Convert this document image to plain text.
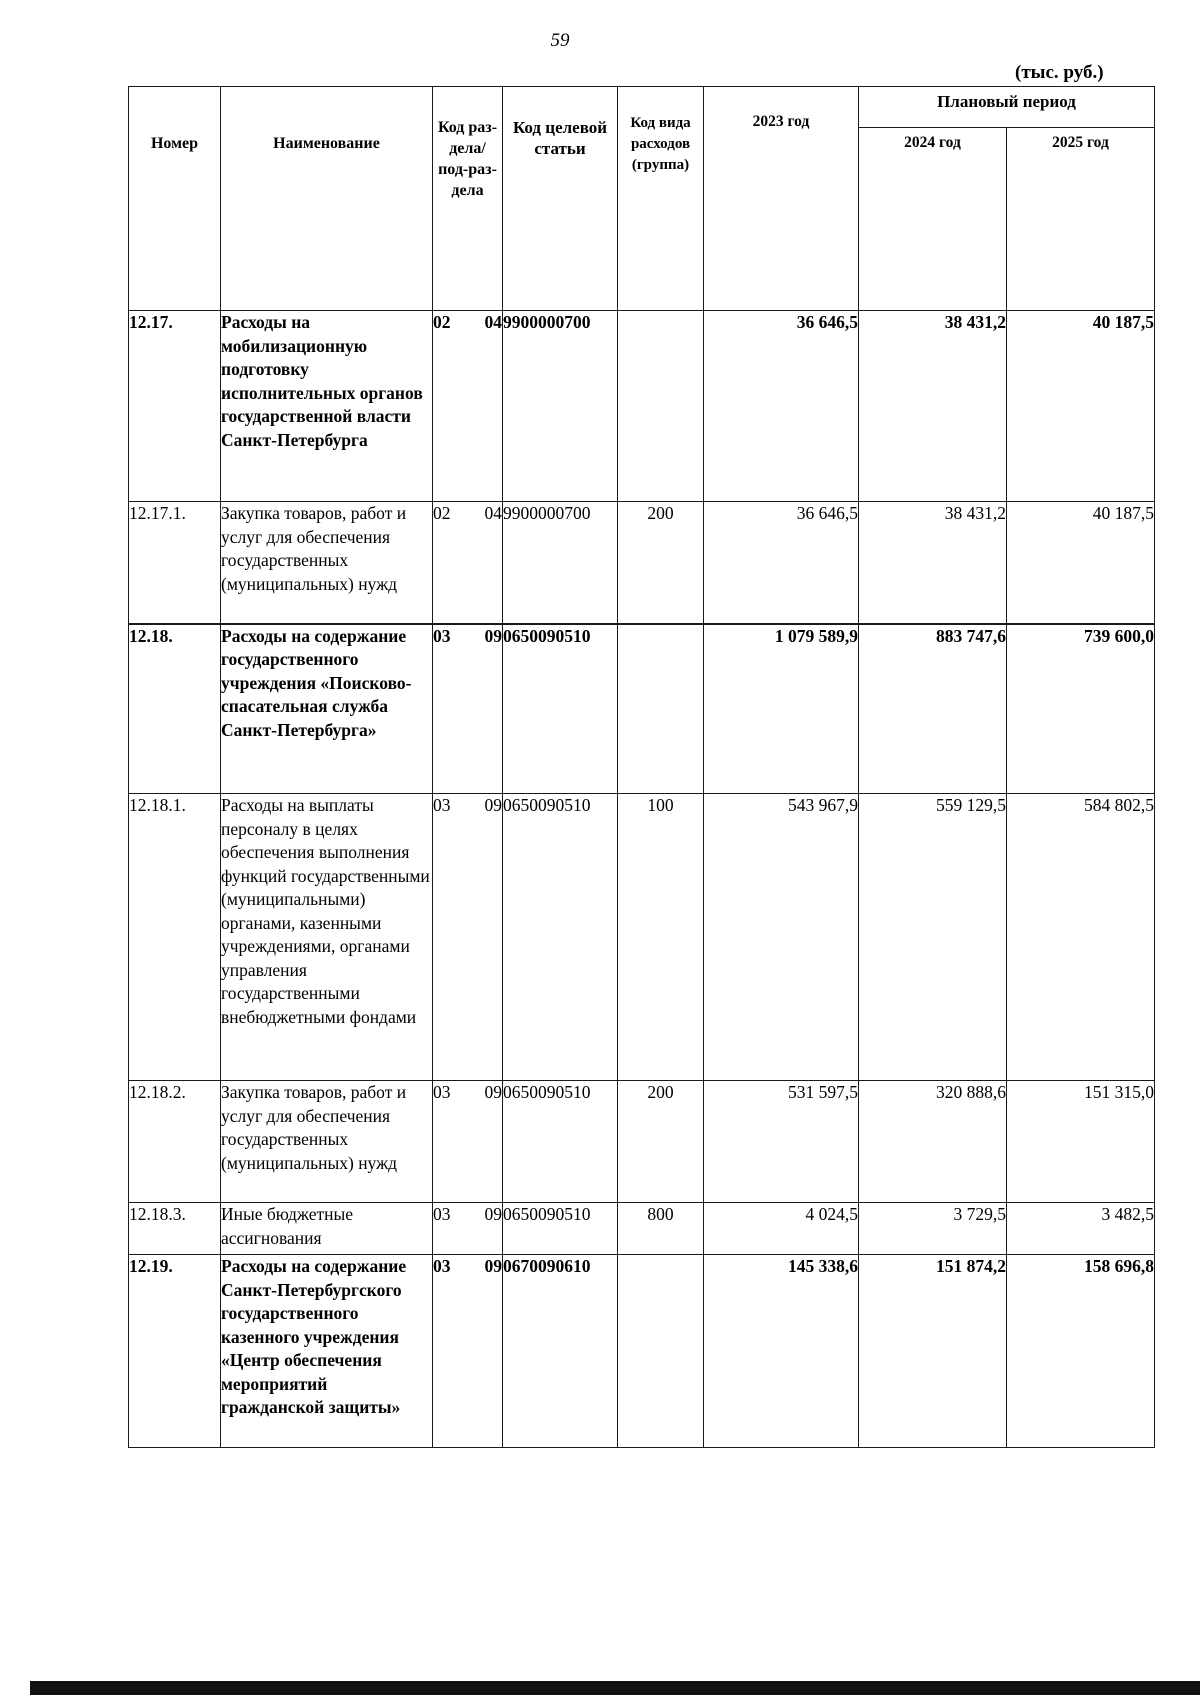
59
(тыс. руб.)
Номер	Наименование	Код раз-дела/ под-раз-дела	Код целевой статьи	Код вида расходов (группа)	2023 год	Плановый период	

						2024 год	2025 год

12.17.	Расходы на мобилизационную подготовку исполнительных органов государственной власти Санкт-Петербурга	02 04	9900000700		36 646,5	38 431,2	40 187,5
12.17.1.	Закупка товаров, работ и услуг для обеспечения государственных (муниципальных) нужд	02 04	9900000700	200	36 646,5	38 431,2	40 187,5
12.18.	Расходы на содержание государственного учреждения «Поисково-спасательная служба Санкт-Петербурга»	03 09	0650090510		1 079 589,9	883 747,6	739 600,0
12.18.1.	Расходы на выплаты персоналу в целях обеспечения выполнения функций государственными (муниципальными) органами, казенными учреждениями, органами управления государственными внебюджетными фондами	03 09	0650090510	100	543 967,9	559 129,5	584 802,5
12.18.2.	Закупка товаров, работ и услуг для обеспечения государственных (муниципальных) нужд	03 09	0650090510	200	531 597,5	320 888,6	151 315,0
12.18.3.	Иные бюджетные ассигнования	03 09	0650090510	800	4 024,5	3 729,5	3 482,5
12.19.	Расходы на содержание Санкт-Петербургского государственного казенного учреждения «Центр обеспечения мероприятий гражданской защиты»	03 09	0670090610		145 338,6	151 874,2	158 696,8
